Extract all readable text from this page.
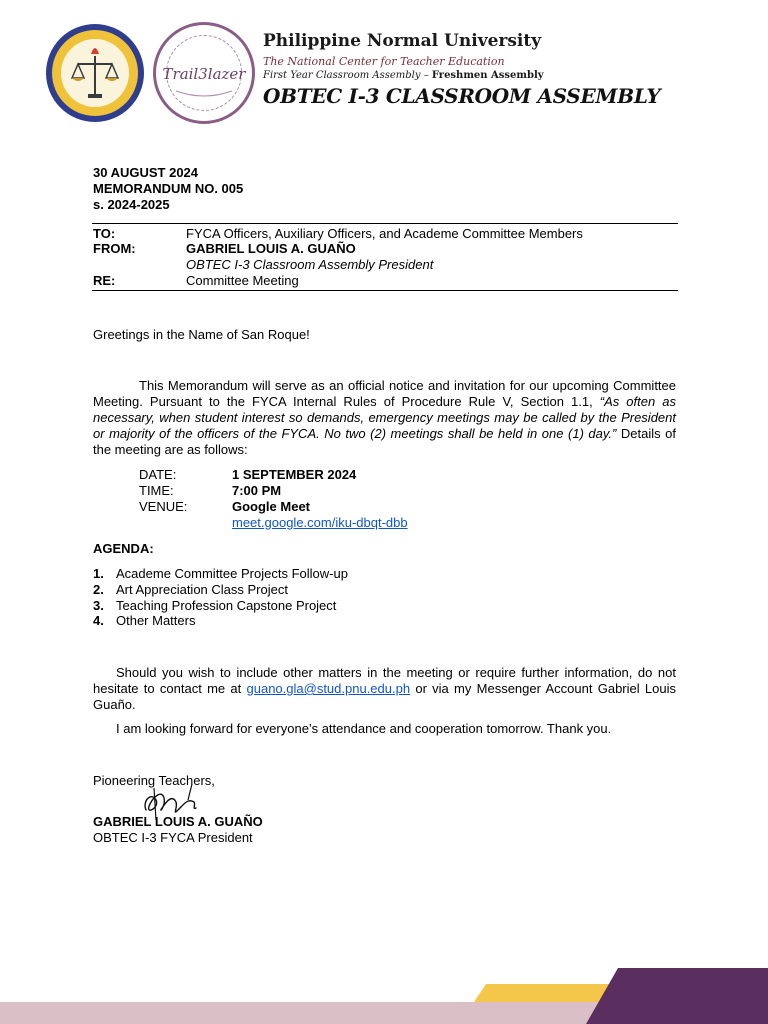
Trail3lazer
Philippine Normal University
The National Center for Teacher Education
First Year Classroom Assembly – Freshmen Assembly
OBTEC I-3 CLASSROOM ASSEMBLY
30 AUGUST 2024
MEMORANDUM NO. 005
s. 2024-2025
TO:	FYCA Officers, Auxiliary Officers, and Academe Committee Members
FROM:	GABRIEL LOUIS A. GUAÑO
OBTEC I-3 Classroom Assembly President
RE:	Committee Meeting
Greetings in the Name of San Roque!
This Memorandum will serve as an official notice and invitation for our upcoming Committee Meeting. Pursuant to the FYCA Internal Rules of Procedure Rule V, Section 1.1, “As often as necessary, when student interest so demands, emergency meetings may be called by the President or majority of the officers of the FYCA. No two (2) meetings shall be held in one (1) day.” Details of the meeting are as follows:
DATE:	1 SEPTEMBER 2024
TIME:	7:00 PM
VENUE:	Google Meet
meet.google.com/iku-dbqt-dbb
AGENDA:
1. Academe Committee Projects Follow-up
2. Art Appreciation Class Project
3. Teaching Profession Capstone Project
4. Other Matters
Should you wish to include other matters in the meeting or require further information, do not hesitate to contact me at guano.gla@stud.pnu.edu.ph or via my Messenger Account Gabriel Louis Guaño.
I am looking forward for everyone’s attendance and cooperation tomorrow. Thank you.
Pioneering Teachers,
GABRIEL LOUIS A. GUAÑO
OBTEC I-3 FYCA President
